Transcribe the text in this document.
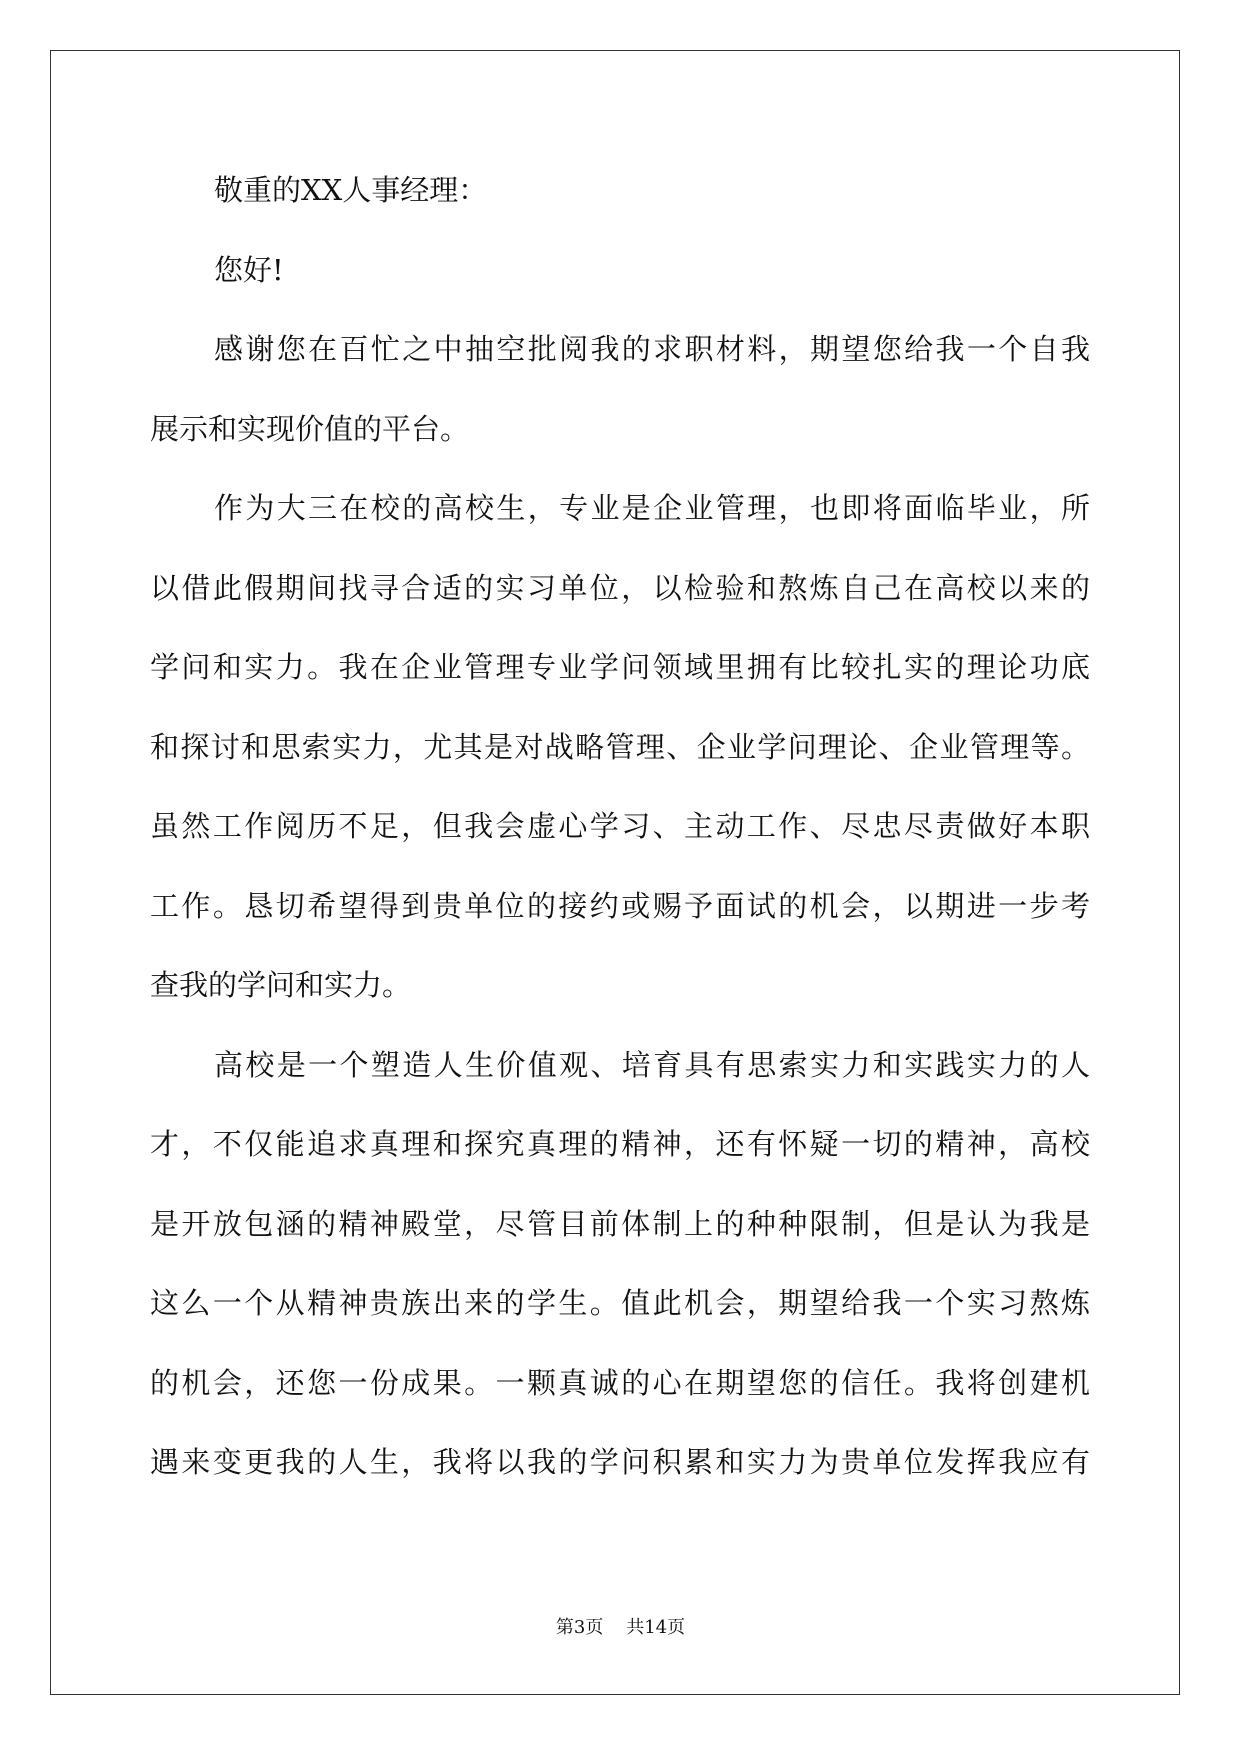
敬重的XX人事经理：
您好!
感谢您在百忙之中抽空批阅我的求职材料，期望您给我一个自我
展示和实现价值的平台。
作为大三在校的高校生，专业是企业管理，也即将面临毕业，所
以借此假期间找寻合适的实习单位，以检验和熬炼自己在高校以来的
学问和实力。我在企业管理专业学问领域里拥有比较扎实的理论功底
和探讨和思索实力，尤其是对战略管理、企业学问理论、企业管理等。
虽然工作阅历不足，但我会虚心学习、主动工作、尽忠尽责做好本职
工作。恳切希望得到贵单位的接约或赐予面试的机会，以期进一步考
查我的学问和实力。
高校是一个塑造人生价值观、培育具有思索实力和实践实力的人
才，不仅能追求真理和探究真理的精神，还有怀疑一切的精神，高校
是开放包涵的精神殿堂，尽管目前体制上的种种限制，但是认为我是
这么一个从精神贵族出来的学生。值此机会，期望给我一个实习熬炼
的机会，还您一份成果。一颗真诚的心在期望您的信任。我将创建机
遇来变更我的人生，我将以我的学问积累和实力为贵单位发挥我应有
第3页 共14页
